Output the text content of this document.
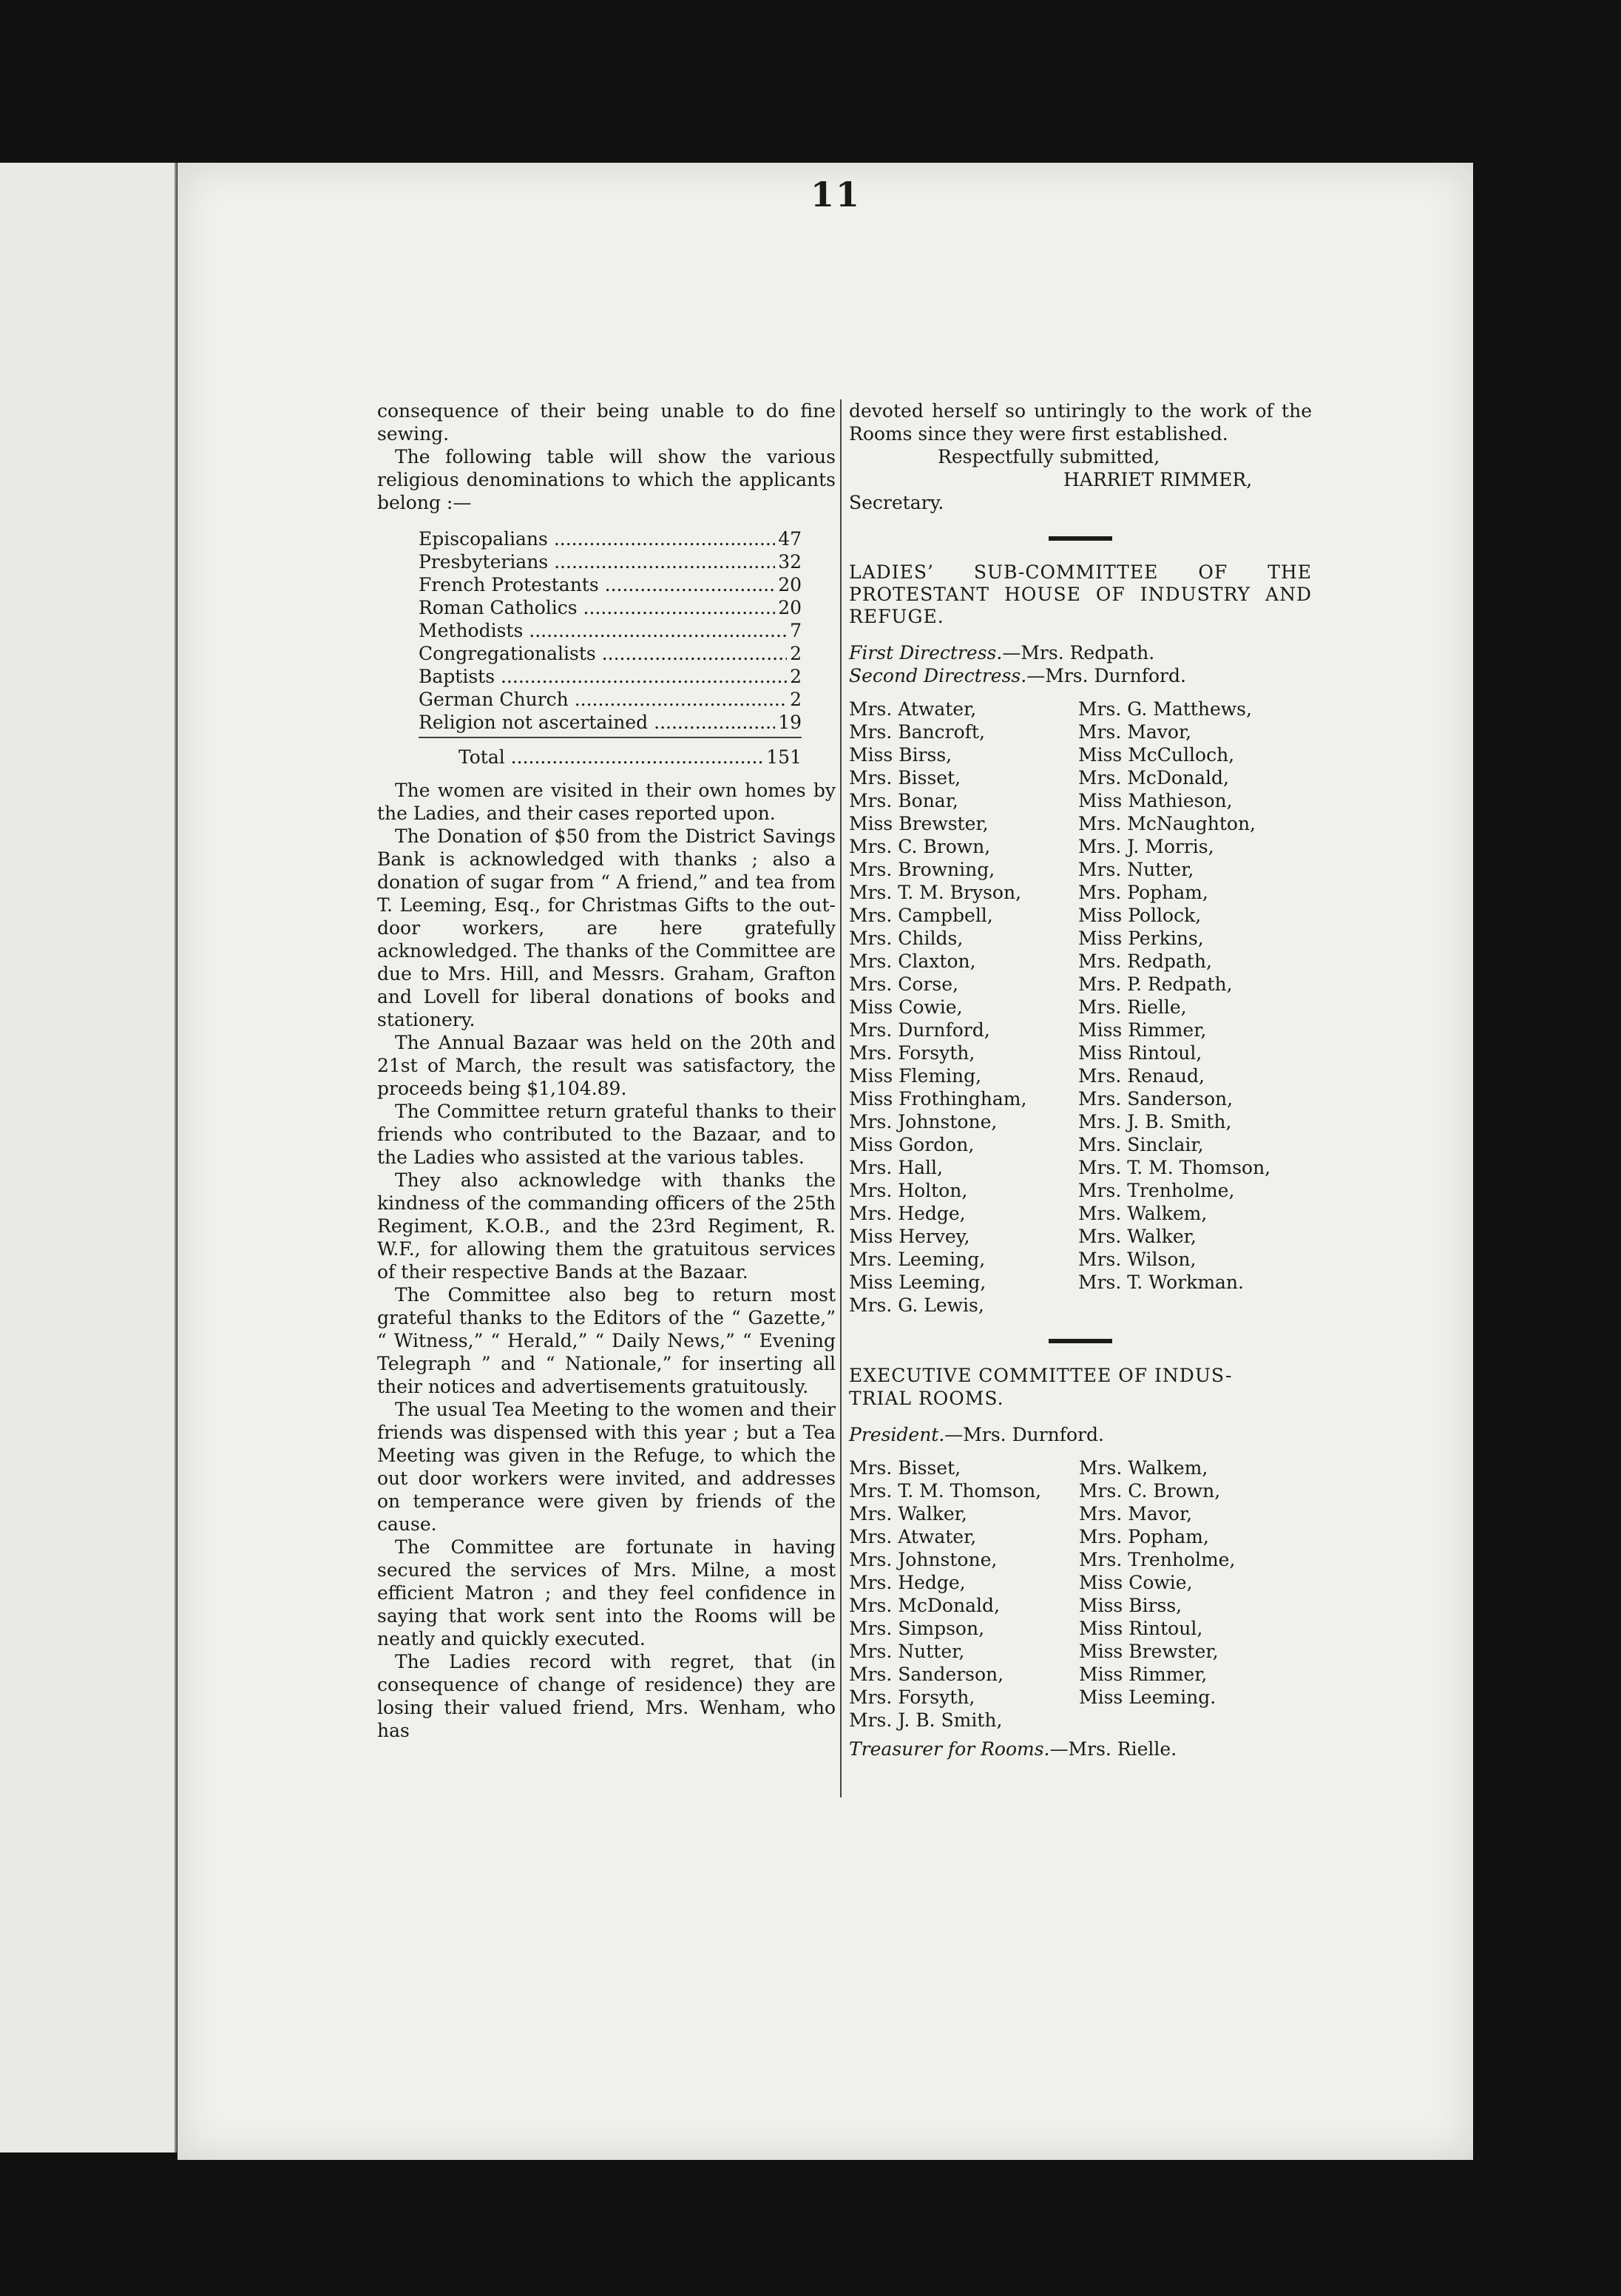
11

consequence of their being unable to do fine sewing.

The following table will show the various religious denominations to which the applicants belong :—

Episcopalians .....	47
Presbyterians .....	32
French Protestants .....	20
Roman Catholics .....	20
Methodists .....	7
Congregationalists .....	2
Baptists .....	2
German Church .....	2
Religion not ascertained .....	19
Total .....	151

The women are visited in their own homes by the Ladies, and their cases reported upon.

The Donation of $50 from the District Savings Bank is acknowledged with thanks ; also a donation of sugar from “ A friend,” and tea from T. Leeming, Esq., for Christmas Gifts to the out-door workers, are here gratefully acknowledged. The thanks of the Committee are due to Mrs. Hill, and Messrs. Graham, Grafton and Lovell for liberal donations of books and stationery.

The Annual Bazaar was held on the 20th and 21st of March, the result was satisfactory, the proceeds being $1,104.89.

The Committee return grateful thanks to their friends who contributed to the Bazaar, and to the Ladies who assisted at the various tables.

They also acknowledge with thanks the kindness of the commanding officers of the 25th Regiment, K.O.B., and the 23rd Regiment, R. W.F., for allowing them the gratuitous services of their respective Bands at the Bazaar.

The Committee also beg to return most grateful thanks to the Editors of the “ Gazette,” “ Witness,” “ Herald,” “ Daily News,” “ Evening Telegraph ” and “ Nationale,” for inserting all their notices and advertisements gratuitously.

The usual Tea Meeting to the women and their friends was dispensed with this year ; but a Tea Meeting was given in the Refuge, to which the out door workers were invited, and addresses on temperance were given by friends of the cause.

The Committee are fortunate in having secured the services of Mrs. Milne, a most efficient Matron ; and they feel confidence in saying that work sent into the Rooms will be neatly and quickly executed.

The Ladies record with regret, that (in consequence of change of residence) they are losing their valued friend, Mrs. Wenham, who has

devoted herself so untiringly to the work of the Rooms since they were first established.

Respectfully submitted,

HARRIET RIMMER,

Secretary.

LADIES’ SUB-COMMITTEE OF THE PROTESTANT HOUSE OF INDUSTRY AND REFUGE.

First Directress.—Mrs. Redpath.

Second Directress.—Mrs. Durnford.

Mrs. Atwater,
Mrs. Bancroft,
Miss Birss,
Mrs. Bisset,
Mrs. Bonar,
Miss Brewster,
Mrs. C. Brown,
Mrs. Browning,
Mrs. T. M. Bryson,
Mrs. Campbell,
Mrs. Childs,
Mrs. Claxton,
Mrs. Corse,
Miss Cowie,
Mrs. Durnford,
Mrs. Forsyth,
Miss Fleming,
Miss Frothingham,
Mrs. Johnstone,
Miss Gordon,
Mrs. Hall,
Mrs. Holton,
Mrs. Hedge,
Miss Hervey,
Mrs. Leeming,
Miss Leeming,
Mrs. G. Lewis,
Mrs. G. Matthews,
Mrs. Mavor,
Miss McCulloch,
Mrs. McDonald,
Miss Mathieson,
Mrs. McNaughton,
Mrs. J. Morris,
Mrs. Nutter,
Mrs. Popham,
Miss Pollock,
Miss Perkins,
Mrs. Redpath,
Mrs. P. Redpath,
Mrs. Rielle,
Miss Rimmer,
Miss Rintoul,
Mrs. Renaud,
Mrs. Sanderson,
Mrs. J. B. Smith,
Mrs. Sinclair,
Mrs. T. M. Thomson,
Mrs. Trenholme,
Mrs. Walkem,
Mrs. Walker,
Mrs. Wilson,
Mrs. T. Workman.

EXECUTIVE COMMITTEE OF INDUS-

TRIAL ROOMS.

President.—Mrs. Durnford.

Mrs. Bisset,
Mrs. T. M. Thomson,
Mrs. Walker,
Mrs. Atwater,
Mrs. Johnstone,
Mrs. Hedge,
Mrs. McDonald,
Mrs. Simpson,
Mrs. Nutter,
Mrs. Sanderson,
Mrs. Forsyth,
Mrs. J. B. Smith,
Mrs. Walkem,
Mrs. C. Brown,
Mrs. Mavor,
Mrs. Popham,
Mrs. Trenholme,
Miss Cowie,
Miss Birss,
Miss Rintoul,
Miss Brewster,
Miss Rimmer,
Miss Leeming.

Treasurer for Rooms.—Mrs. Rielle.
